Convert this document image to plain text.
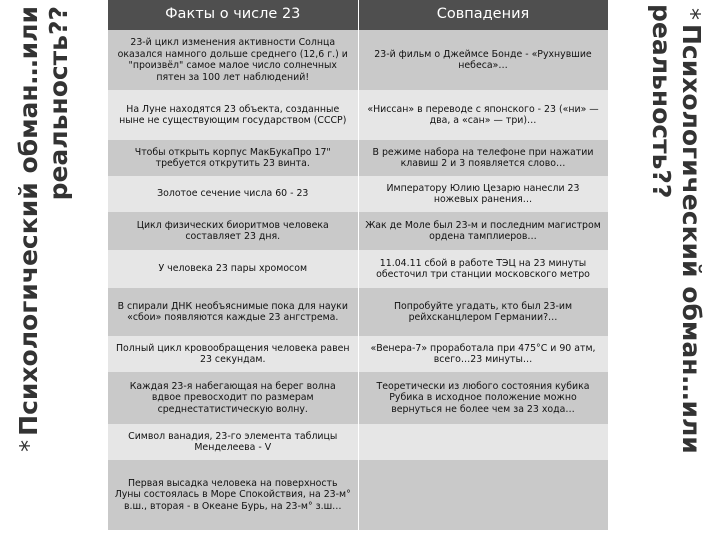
*Психологический обман…или реальность??	*Психологический обман…или
реальность??
Факты о числе 23	Совпадения
23-й цикл изменения активности Солнца оказался намного дольше среднего (12,6 г.) и "произвёл" самое малое число солнечных пятен за 100 лет наблюдений!	23-й фильм о Джеймсе Бонде - «Рухнувшие небеса»…
На Луне находятся 23 объекта, созданные ныне не существующим государством (СССР)	«Ниссан» в переводе с японского - 23 («ни» — два, а «сан» — три)…
Чтобы открыть корпус МакБукаПро 17" требуется открутить 23 винта.	В режиме набора на телефоне при нажатии клавиш 2 и 3 появляется слово…
Золотое сечение числа 60 - 23	Императору Юлию Цезарю нанесли 23 ножевых ранения…
Цикл физических биоритмов человека составляет 23 дня.	Жак де Моле был 23-м и последним магистром ордена тамплиеров…
У человека 23 пары хромосом	11.04.11 сбой в работе ТЭЦ на 23 минуты обесточил три станции московского метро
В спирали ДНК необъяснимые пока для науки «сбои» появляются каждые 23 ангстрема.	Попробуйте угадать, кто был 23-им рейхсканцлером Германии?…
Полный цикл кровообращения человека равен 23 секундам.	«Венера-7» проработала при 475°C и 90 атм, всего…23 минуты…
Каждая 23-я набегающая на берег волна вдвое превосходит по размерам среднестатистическую волну.	Теоретически из любого состояния кубика Рубика в исходное положение можно вернуться не более чем за 23 хода…
Символ ванадия, 23-го элемента таблицы Менделеева - V	
Первая высадка человека на поверхность Луны состоялась в Море Спокойствия, на 23-м° в.ш., вторая - в Океане Бурь, на 23-м° з.ш…	
